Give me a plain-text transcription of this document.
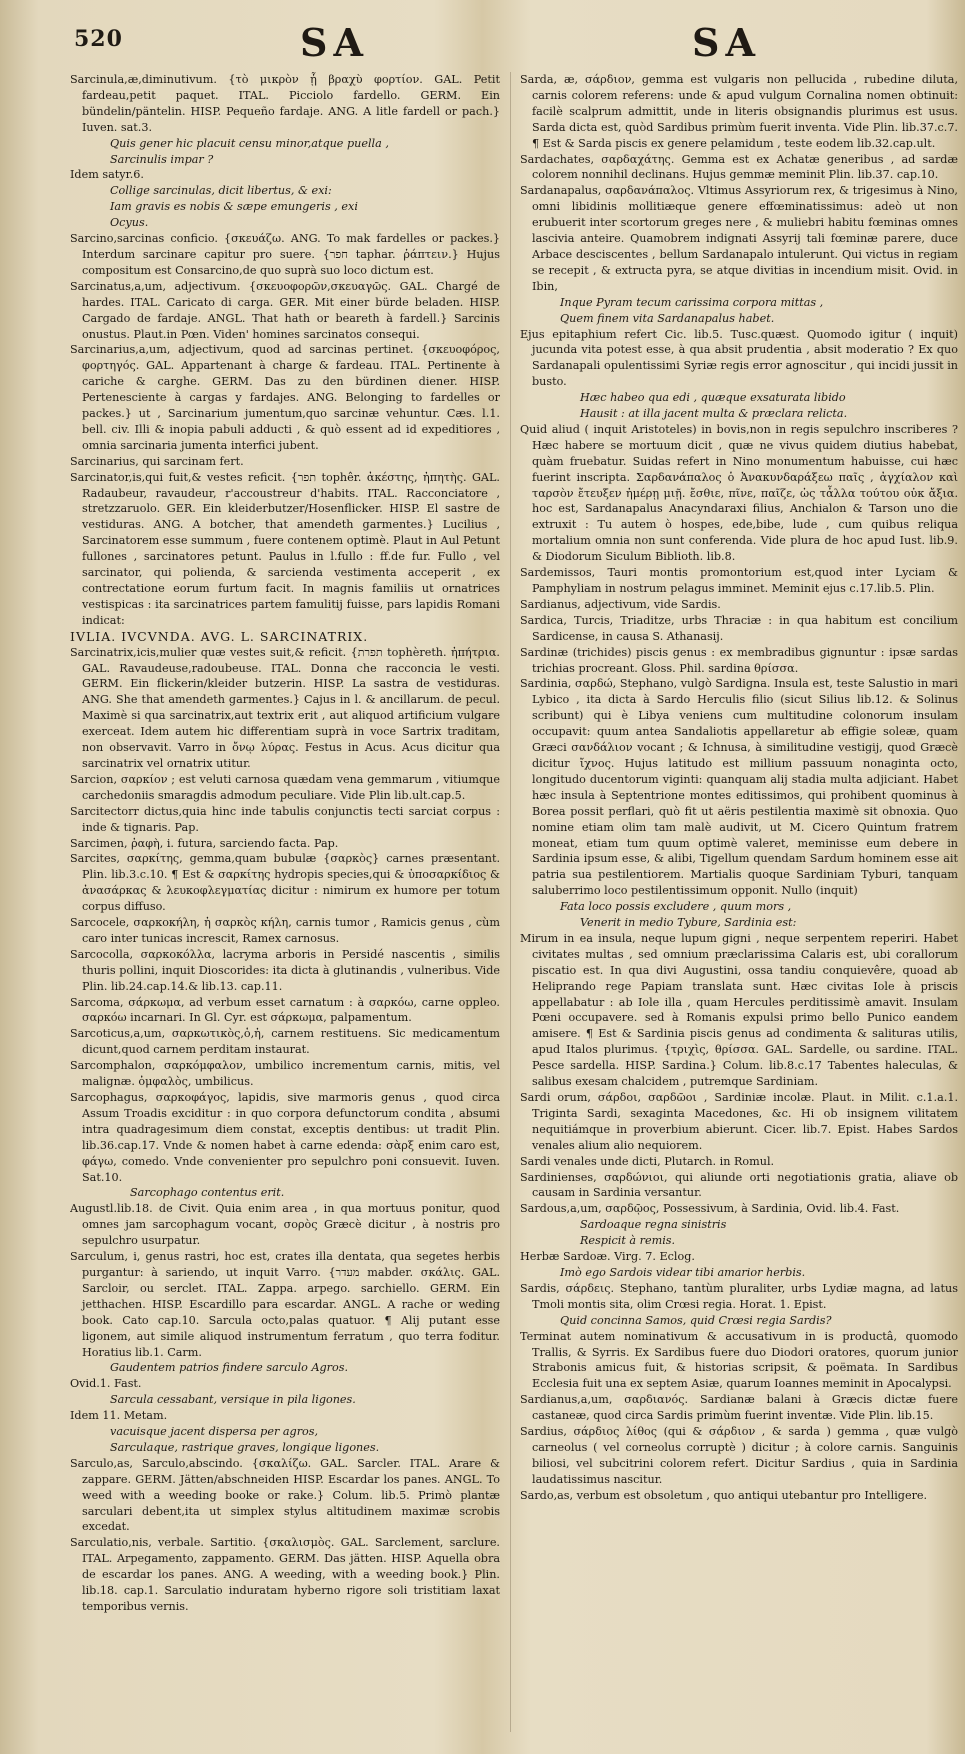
520	SA	SA
Sarcinula,æ,diminutivum. {τὸ μικρὸν ᾗ βραχὺ φορτίον. GAL. Petit fardeau,petit paquet. ITAL. Picciolo fardello. GERM. Ein bündelin/päntelin. HISP. Pequeño fardaje. ANG. A litle fardell or pach.} Iuven. sat.3.
Quis gener hic placuit censu minor,atque puella ,
Sarcinulis impar ?
Idem satyr.6.
Collige sarcinulas, dicit libertus, & exi:
Iam gravis es nobis & sæpe emungeris , exi
Ocyus.
Sarcino,sarcinas conficio. {σκευάζω. ANG. To mak fardelles or packes.} Interdum sarcinare capitur pro suere. {חפר taphar. ῥάπτειν.} Hujus compositum est Consarcino,de quo suprà suo loco dictum est.
Sarcinatus,a,um, adjectivum. {σκευοφορῶν,σκευαγῶς. GAL. Chargé de hardes. ITAL. Caricato di carga. GER. Mit einer bürde beladen. HISP. Cargado de fardaje. ANGL. That hath or beareth à fardell.} Sarcinis onustus. Plaut.in Pœn. Viden' homines sarcinatos consequi.
Sarcinarius,a,um, adjectivum, quod ad sarcinas pertinet. {σκευοφόρος, φορτηγός. GAL. Appartenant à charge & fardeau. ITAL. Pertinente à cariche & carghe. GERM. Das zu den bürdinen diener. HISP. Pertenesciente à cargas y fardajes. ANG. Belonging to fardelles or packes.} ut , Sarcinarium jumentum,quo sarcinæ vehuntur. Cæs. l.1. bell. civ. Illi & inopia pabuli adducti , & quò essent ad id expeditiores , omnia sarcinaria jumenta interfici jubent.
Sarcinarius, qui sarcinam fert.
Sarcinator,is,qui fuit,& vestes reficit. {תפר tophêr. ἀκέστης, ἠπητὴς. GAL. Radaubeur, ravaudeur, r'accoustreur d'habits. ITAL. Racconciatore , stretzzaruolo. GER. Ein kleiderbutzer/Hosenflicker. HISP. El sastre de vestiduras. ANG. A botcher, that amendeth garmentes.} Lucilius , Sarcinatorem esse summum , fuere contenem optimè. Plaut in Aul Petunt fullones , sarcinatores petunt. Paulus in l.fullo : ff.de fur. Fullo , vel sarcinator, qui polienda, & sarcienda vestimenta acceperit , ex contrectatione eorum furtum facit. In magnis familiis ut ornatrices vestispicas : ita sarcinatrices partem famulitij fuisse, pars lapidis Romani indicat:
IVLIA. IVCVNDA. AVG. L. SARCINATRIX.
Sarcinatrix,icis,mulier quæ vestes suit,& reficit. {תפרת tophèreth. ἠπήτρια. GAL. Ravaudeuse,radoubeuse. ITAL. Donna che racconcia le vesti. GERM. Ein flickerin/kleider butzerin. HISP. La sastra de vestiduras. ANG. She that amendeth garmentes.} Cajus in l. & ancillarum. de pecul. Maximè si qua sarcinatrix,aut textrix erit , aut aliquod artificium vulgare exerceat. Idem autem hic differentiam suprà in voce Sartrix traditam, non observavit. Varro in ὄνῳ λύρας. Festus in Acus. Acus dicitur qua sarcinatrix vel ornatrix utitur.
Sarcion, σαρκίον ; est veluti carnosa quædam vena gemmarum , vitiumque carchedoniis smaragdis admodum peculiare. Vide Plin lib.ult.cap.5.
Sarcitectorr dictus,quia hinc inde tabulis conjunctis tecti sarciat corpus : inde & tignaris. Pap.
Sarcimen, ῥαφὴ, i. futura, sarciendo facta. Pap.
Sarcites, σαρκίτης, gemma,quam bubulæ {σαρκὸς} carnes præsentant. Plin. lib.3.c.10. ¶ Est & σαρκίτης hydropis species,qui & ὑποσαρκίδιος & ἀνασάρκας & λευκοφλεγματίας dicitur : nimirum ex humore per totum corpus diffuso.
Sarcocele, σαρκοκήλη, ἡ σαρκὸς κήλη, carnis tumor , Ramicis genus , cùm caro inter tunicas increscit, Ramex carnosus.
Sarcocolla, σαρκοκόλλα, lacryma arboris in Persidé nascentis , similis thuris pollini, inquit Dioscorides: ita dicta à glutinandis , vulneribus. Vide Plin. lib.24.cap.14.& lib.13. cap.11.
Sarcoma, σάρκωμα, ad verbum esset carnatum : à σαρκόω, carne oppleo. σαρκόω incarnari. In Gl. Cyr. est σάρκωμα, palpamentum.
Sarcoticus,a,um, σαρκωτικὸς,ὁ,ἡ, carnem restituens. Sic medicamentum dicunt,quod carnem perditam instaurat.
Sarcomphalon, σαρκόμφαλον, umbilico incrementum carnis, mitis, vel malignæ. ὀμφαλὸς, umbilicus.
Sarcophagus, σαρκοφάγος, lapidis, sive marmoris genus , quod circa Assum Troadis exciditur : in quo corpora defunctorum condita , absumi intra quadragesimum diem constat, exceptis dentibus: ut tradit Plin. lib.36.cap.17. Vnde & nomen habet à carne edenda: σὰρξ enim caro est, φάγω, comedo. Vnde convenienter pro sepulchro poni consuevit. Iuven. Sat.10.
Sarcophago contentus erit.
Augustl.lib.18. de Civit. Quia enim area , in qua mortuus ponitur, quod omnes jam sarcophagum vocant, σορὸς Græcè dicitur , à nostris pro sepulchro usurpatur.
Sarculum, i, genus rastri, hoc est, crates illa dentata, qua segetes herbis purgantur: à sariendo, ut inquit Varro. {מעדר mabder. σκάλις. GAL. Sarcloir, ou serclet. ITAL. Zappa. arpego. sarchiello. GERM. Ein jetthachen. HISP. Escardillo para escardar. ANGL. A rache or weding book. Cato cap.10. Sarcula octo,palas quatuor. ¶ Alij putant esse ligonem, aut simile aliquod instrumentum ferratum , quo terra foditur. Horatius lib.1. Carm.
Gaudentem patrios findere sarculo Agros.
Ovid.1. Fast.
Sarcula cessabant, versique in pila ligones.
Idem 11. Metam.
vacuisque jacent dispersa per agros,
Sarculaque, rastrique graves, longique ligones.
Sarculo,as, Sarculo,abscindo. {σκαλίζω. GAL. Sarcler. ITAL. Arare & zappare. GERM. Jätten/abschneiden HISP. Escardar los panes. ANGL. To weed with a weeding booke or rake.} Colum. lib.5. Primò plantæ sarculari debent,ita ut simplex stylus altitudinem maximæ scrobis excedat.
Sarculatio,nis, verbale. Sartitio. {σκαλισμὸς. GAL. Sarclement, sarclure. ITAL. Arpegamento, zappamento. GERM. Das jätten. HISP. Aquella obra de escardar los panes. ANG. A weeding, with a weeding book.} Plin. lib.18. cap.1. Sarculatio induratam hyberno rigore soli tristitiam laxat temporibus vernis.
Sarda, æ, σάρδιον, gemma est vulgaris non pellucida , rubedine diluta, carnis colorem referens: unde & apud vulgum Cornalina nomen obtinuit: facilè scalprum admittit, unde in literis obsignandis plurimus est usus. Sarda dicta est, quòd Sardibus primùm fuerit inventa. Vide Plin. lib.37.c.7. ¶ Est & Sarda piscis ex genere pelamidum , teste eodem lib.32.cap.ult.
Sardachates, σαρδαχάτης. Gemma est ex Achatæ generibus , ad sardæ colorem nonnihil declinans. Hujus gemmæ meminit Plin. lib.37. cap.10.
Sardanapalus, σαρδανάπαλος. Vltimus Assyriorum rex, & trigesimus à Nino, omni libidinis mollitiæque genere effœminatissimus: adeò ut non erubuerit inter scortorum greges nere , & muliebri habitu fœminas omnes lascivia anteire. Quamobrem indignati Assyrij tali fœminæ parere, duce Arbace desciscentes , bellum Sardanapalo intulerunt. Qui victus in regiam se recepit , & extructa pyra, se atque divitias in incendium misit. Ovid. in Ibin,
Inque Pyram tecum carissima corpora mittas ,
Quem finem vita Sardanapalus habet.
Ejus epitaphium refert Cic. lib.5. Tusc.quæst. Quomodo igitur ( inquit) jucunda vita potest esse, à qua absit prudentia , absit moderatio ? Ex quo Sardanapali opulentissimi Syriæ regis error agnoscitur , qui incidi jussit in busto.
Hæc habeo qua edi , quæque exsaturata libido
Hausit : at illa jacent multa & præclara relicta.
Quid aliud ( inquit Aristoteles) in bovis,non in regis sepulchro inscriberes ? Hæc habere se mortuum dicit , quæ ne vivus quidem diutius habebat, quàm fruebatur. Suidas refert in Nino monumentum habuisse, cui hæc fuerint inscripta. Σαρδανάπαλος ὁ Ἀνακυνδαράξεω παῖς , ἀγχίαλον καὶ ταρσὸν ἔτευξεν ἡμέρῃ μιῇ. ἔσθιε, πῖνε, παῖζε, ὡς τἆλλα τούτου οὐκ ἄξια. hoc est, Sardanapalus Anacyndaraxi filius, Anchialon & Tarson uno die extruxit : Tu autem ò hospes, ede,bibe, lude , cum quibus reliqua mortalium omnia non sunt conferenda. Vide plura de hoc apud Iust. lib.9. & Diodorum Siculum Biblioth. lib.8.
Sardemissos, Tauri montis promontorium est,quod inter Lyciam & Pamphyliam in nostrum pelagus imminet. Meminit ejus c.17.lib.5. Plin.
Sardianus, adjectivum, vide Sardis.
Sardica, Turcis, Triaditze, urbs Thraciæ : in qua habitum est concilium Sardicense, in causa S. Athanasij.
Sardinæ (trichides) piscis genus : ex membradibus gignuntur : ipsæ sardas trichias procreant. Gloss. Phil. sardina θρίσσα.
Sardinia, σαρδώ, Stephano, vulgò Sardigna. Insula est, teste Salustio in mari Lybico , ita dicta à Sardo Herculis filio (sicut Silius lib.12. & Solinus scribunt) qui è Libya veniens cum multitudine colonorum insulam occupavit: quum antea Sandaliotis appellaretur ab effigie soleæ, quam Græci σανδάλιον vocant ; & Ichnusa, à similitudine vestigij, quod Græcè dicitur ἴχνος. Hujus latitudo est millium passuum nonaginta octo, longitudo ducentorum viginti: quanquam alij stadia multa adjiciant. Habet hæc insula à Septentrione montes editissimos, qui prohibent quominus à Borea possit perflari, quò fit ut aëris pestilentia maximè sit obnoxia. Quo nomine etiam olim tam malè audivit, ut M. Cicero Quintum fratrem moneat, etiam tum quum optimè valeret, meminisse eum debere in Sardinia ipsum esse, & alibi, Tigellum quendam Sardum hominem esse ait patria sua pestilentiorem. Martialis quoque Sardiniam Tyburi, tanquam saluberrimo loco pestilentissimum opponit. Nullo (inquit)
Fata loco possis excludere , quum mors ,
Venerit in medio Tybure, Sardinia est:
Mirum in ea insula, neque lupum gigni , neque serpentem reperiri. Habet civitates multas , sed omnium præclarissima Calaris est, ubi corallorum piscatio est. In qua divi Augustini, ossa tandiu conquievêre, quoad ab Heliprando rege Papiam translata sunt. Hæc civitas Iole à priscis appellabatur : ab Iole illa , quam Hercules perditissimè amavit. Insulam Pœni occupavere. sed à Romanis expulsi primo bello Punico eandem amisere. ¶ Est & Sardinia piscis genus ad condimenta & salituras utilis, apud Italos plurimus. {τριχὶς, θρίσσα. GAL. Sardelle, ou sardine. ITAL. Pesce sardella. HISP. Sardina.} Colum. lib.8.c.17 Tabentes haleculas, & salibus exesam chalcidem , putremque Sardiniam.
Sardi orum, σάρδοι, σαρδῶοι , Sardiniæ incolæ. Plaut. in Milit. c.1.a.1. Triginta Sardi, sexaginta Macedones, &c. Hi ob insignem vilitatem nequitiámque in proverbium abierunt. Cicer. lib.7. Epist. Habes Sardos venales alium alio nequiorem.
Sardi venales unde dicti, Plutarch. in Romul.
Sardinienses, σαρδώνιοι, qui aliunde orti negotiationis gratia, aliave ob causam in Sardinia versantur.
Sardous,a,um, σαρδῷος, Possessivum, à Sardinia, Ovid. lib.4. Fast.
Sardoaque regna sinistris
Respicit à remis.
Herbæ Sardoæ. Virg. 7. Eclog.
Imò ego Sardois videar tibi amarior herbis.
Sardis, σάρδεις. Stephano, tantùm pluraliter, urbs Lydiæ magna, ad latus Tmoli montis sita, olim Crœsi regia. Horat. 1. Epist.
Quid concinna Samos, quid Crœsi regia Sardis?
Terminat autem nominativum & accusativum in is productâ, quomodo Trallis, & Syrris. Ex Sardibus fuere duo Diodori oratores, quorum junior Strabonis amicus fuit, & historias scripsit, & poëmata. In Sardibus Ecclesia fuit una ex septem Asiæ, quarum Ioannes meminit in Apocalypsi.
Sardianus,a,um, σαρδιανός. Sardianæ balani à Græcis dictæ fuere castaneæ, quod circa Sardis primùm fuerint inventæ. Vide Plin. lib.15.
Sardius, σάρδιος λίθος (qui & σάρδιον , & sarda ) gemma , quæ vulgò carneolus ( vel corneolus corruptè ) dicitur ; à colore carnis. Sanguinis biliosi, vel subcitrini colorem refert. Dicitur Sardius , quia in Sardinia laudatissimus nascitur.
Sardo,as, verbum est obsoletum , quo antiqui utebantur pro Intelligere.
